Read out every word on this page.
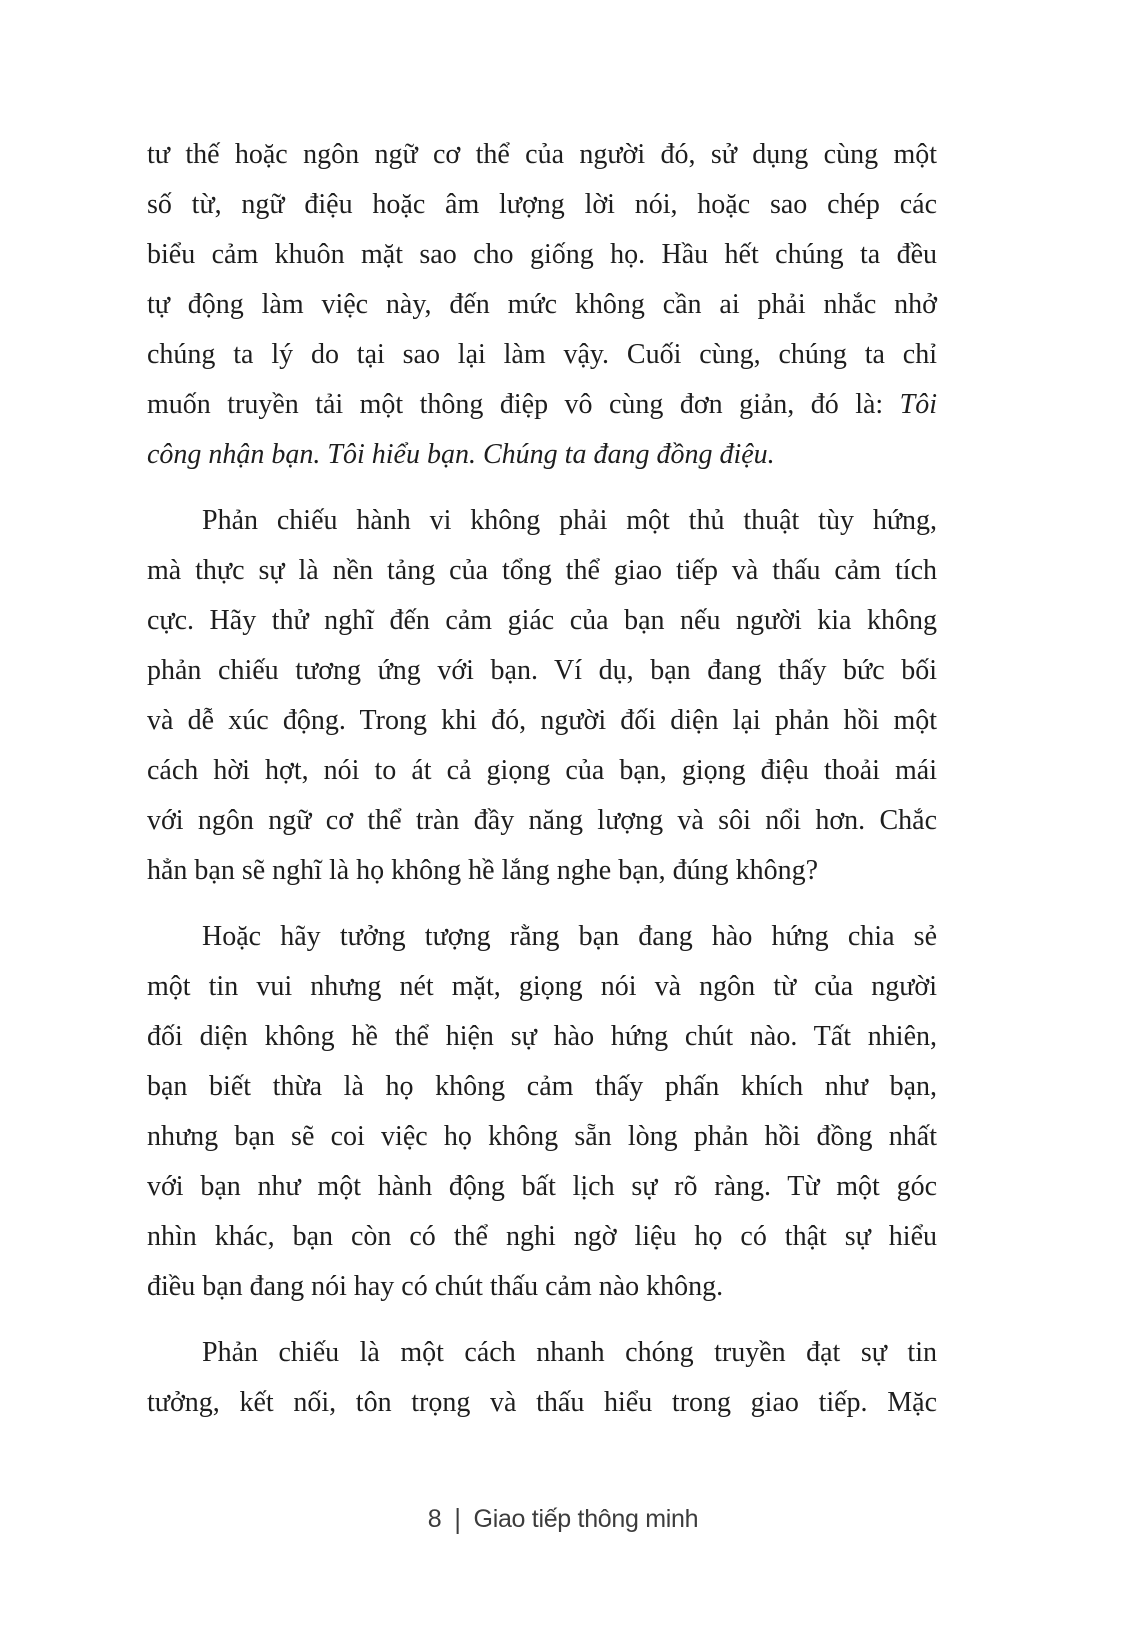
tư thế hoặc ngôn ngữ cơ thể của người đó, sử dụng cùng một
số từ, ngữ điệu hoặc âm lượng lời nói, hoặc sao chép các
biểu cảm khuôn mặt sao cho giống họ. Hầu hết chúng ta đều
tự động làm việc này, đến mức không cần ai phải nhắc nhở
chúng ta lý do tại sao lại làm vậy. Cuối cùng, chúng ta chỉ
muốn truyền tải một thông điệp vô cùng đơn giản, đó là: Tôi
công nhận bạn. Tôi hiểu bạn. Chúng ta đang đồng điệu.
Phản chiếu hành vi không phải một thủ thuật tùy hứng,
mà thực sự là nền tảng của tổng thể giao tiếp và thấu cảm tích
cực. Hãy thử nghĩ đến cảm giác của bạn nếu người kia không
phản chiếu tương ứng với bạn. Ví dụ, bạn đang thấy bức bối
và dễ xúc động. Trong khi đó, người đối diện lại phản hồi một
cách hời hợt, nói to át cả giọng của bạn, giọng điệu thoải mái
với ngôn ngữ cơ thể tràn đầy năng lượng và sôi nổi hơn. Chắc
hẳn bạn sẽ nghĩ là họ không hề lắng nghe bạn, đúng không?
Hoặc hãy tưởng tượng rằng bạn đang hào hứng chia sẻ
một tin vui nhưng nét mặt, giọng nói và ngôn từ của người
đối diện không hề thể hiện sự hào hứng chút nào. Tất nhiên,
bạn biết thừa là họ không cảm thấy phấn khích như bạn,
nhưng bạn sẽ coi việc họ không sẵn lòng phản hồi đồng nhất
với bạn như một hành động bất lịch sự rõ ràng. Từ một góc
nhìn khác, bạn còn có thể nghi ngờ liệu họ có thật sự hiểu
điều bạn đang nói hay có chút thấu cảm nào không.
Phản chiếu là một cách nhanh chóng truyền đạt sự tin
tưởng, kết nối, tôn trọng và thấu hiểu trong giao tiếp. Mặc
8 | Giao tiếp thông minh
